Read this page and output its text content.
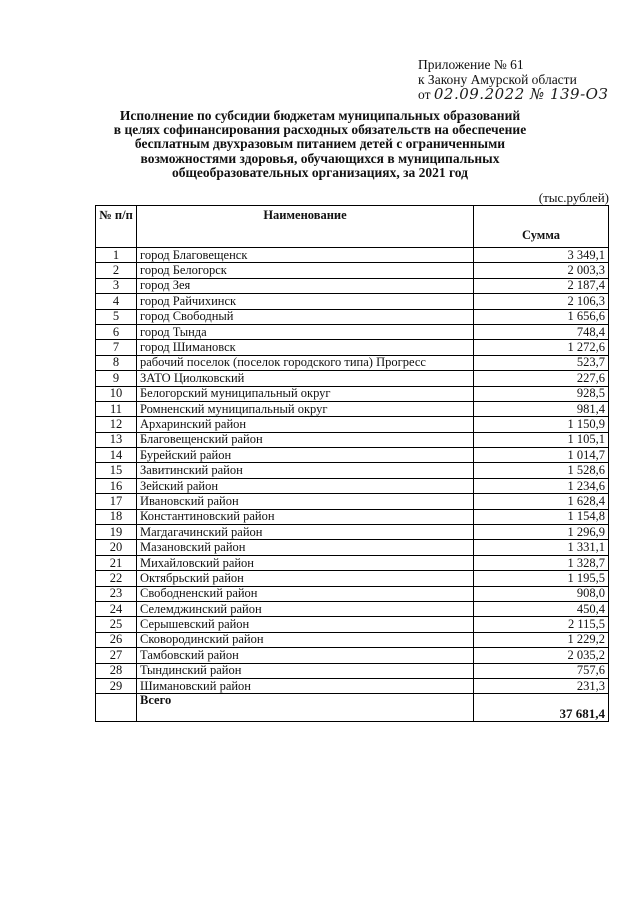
Приложение № 61
к Закону Амурской области
от 02.09.2022 № 139-ОЗ
Исполнение по субсидии бюджетам муниципальных образований
в целях софинансирования расходных обязательств на обеспечение
бесплатным двухразовым питанием детей с ограниченными
возможностями здоровья, обучающихся в муниципальных
общеобразовательных организациях, за 2021 год
(тыс.рублей)
№ п/п	Наименование	Сумма
1	город Благовещенск	3 349,1
2	город Белогорск	2 003,3
3	город Зея	2 187,4
4	город Райчихинск	2 106,3
5	город Свободный	1 656,6
6	город Тында	748,4
7	город Шимановск	1 272,6
8	рабочий поселок (поселок городского типа) Прогресс	523,7
9	ЗАТО Циолковский	227,6
10	Белогорский муниципальный округ	928,5
11	Ромненский муниципальный округ	981,4
12	Архаринский район	1 150,9
13	Благовещенский район	1 105,1
14	Бурейский район	1 014,7
15	Завитинский район	1 528,6
16	Зейский район	1 234,6
17	Ивановский район	1 628,4
18	Константиновский район	1 154,8
19	Магдагачинский район	1 296,9
20	Мазановский район	1 331,1
21	Михайловский район	1 328,7
22	Октябрьский район	1 195,5
23	Свободненский район	908,0
24	Селемджинский район	450,4
25	Серышевский район	2 115,5
26	Сковородинский район	1 229,2
27	Тамбовский район	2 035,2
28	Тындинский район	757,6
29	Шимановский район	231,3
	Всего	37 681,4
